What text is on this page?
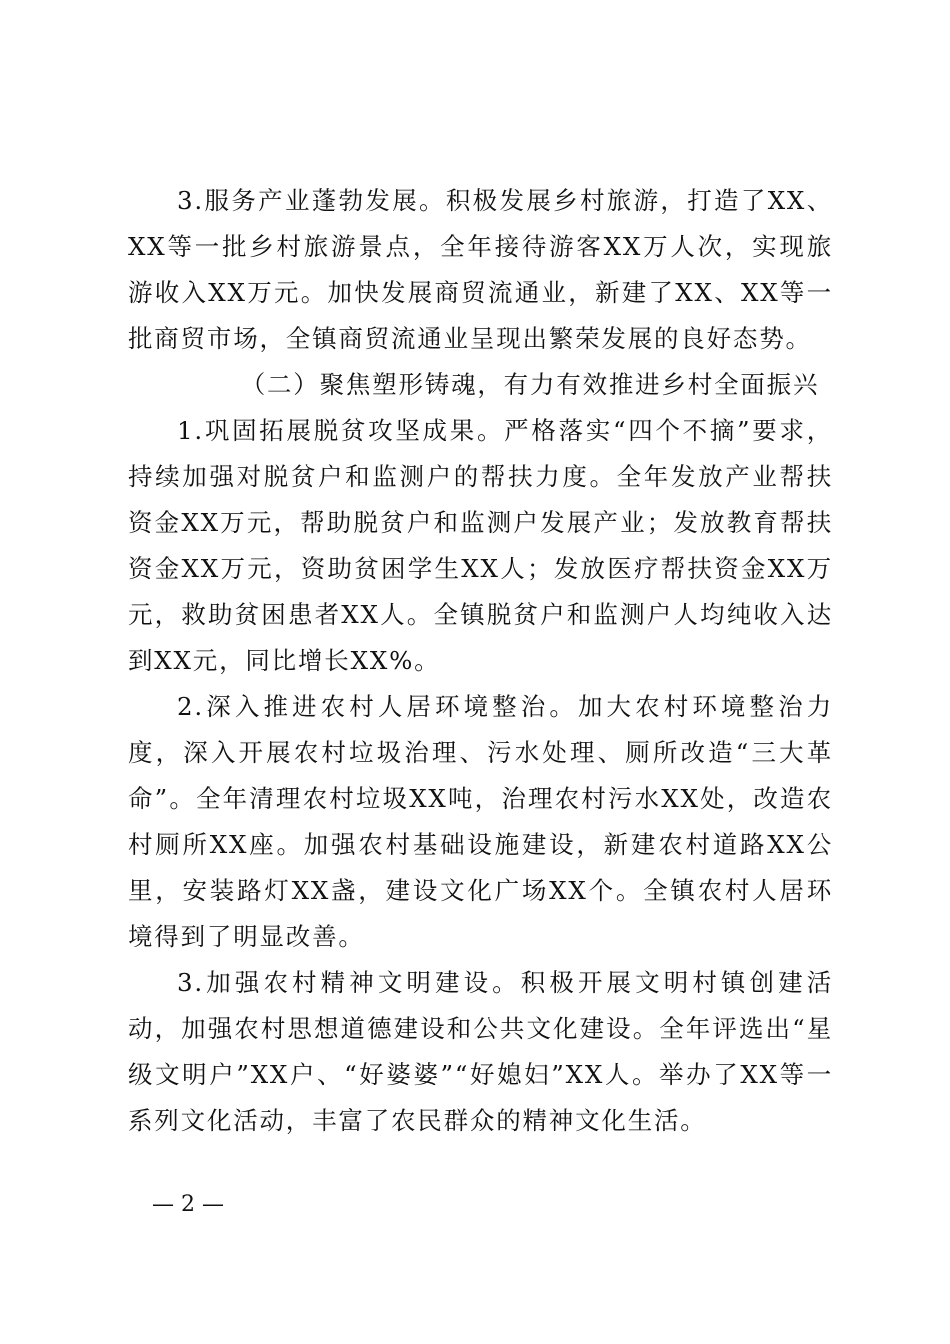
3.服务产业蓬勃发展。积极发展乡村旅游，打造了XX、XX等一批乡村旅游景点，全年接待游客XX万人次，实现旅游收入XX万元。加快发展商贸流通业，新建了XX、XX等一批商贸市场，全镇商贸流通业呈现出繁荣发展的良好态势。

（二）聚焦塑形铸魂，有力有效推进乡村全面振兴

1.巩固拓展脱贫攻坚成果。严格落实“四个不摘”要求，持续加强对脱贫户和监测户的帮扶力度。全年发放产业帮扶资金XX万元，帮助脱贫户和监测户发展产业；发放教育帮扶资金XX万元，资助贫困学生XX人；发放医疗帮扶资金XX万元，救助贫困患者XX人。全镇脱贫户和监测户人均纯收入达到XX元，同比增长XX%。

2.深入推进农村人居环境整治。加大农村环境整治力度，深入开展农村垃圾治理、污水处理、厕所改造“三大革命”。全年清理农村垃圾XX吨，治理农村污水XX处，改造农村厕所XX座。加强农村基础设施建设，新建农村道路XX公里，安装路灯XX盏，建设文化广场XX个。全镇农村人居环境得到了明显改善。

3.加强农村精神文明建设。积极开展文明村镇创建活动，加强农村思想道德建设和公共文化建设。全年评选出“星级文明户”XX户、“好婆婆”“好媳妇”XX人。举办了XX等一系列文化活动，丰富了农民群众的精神文化生活。

— 2 —
